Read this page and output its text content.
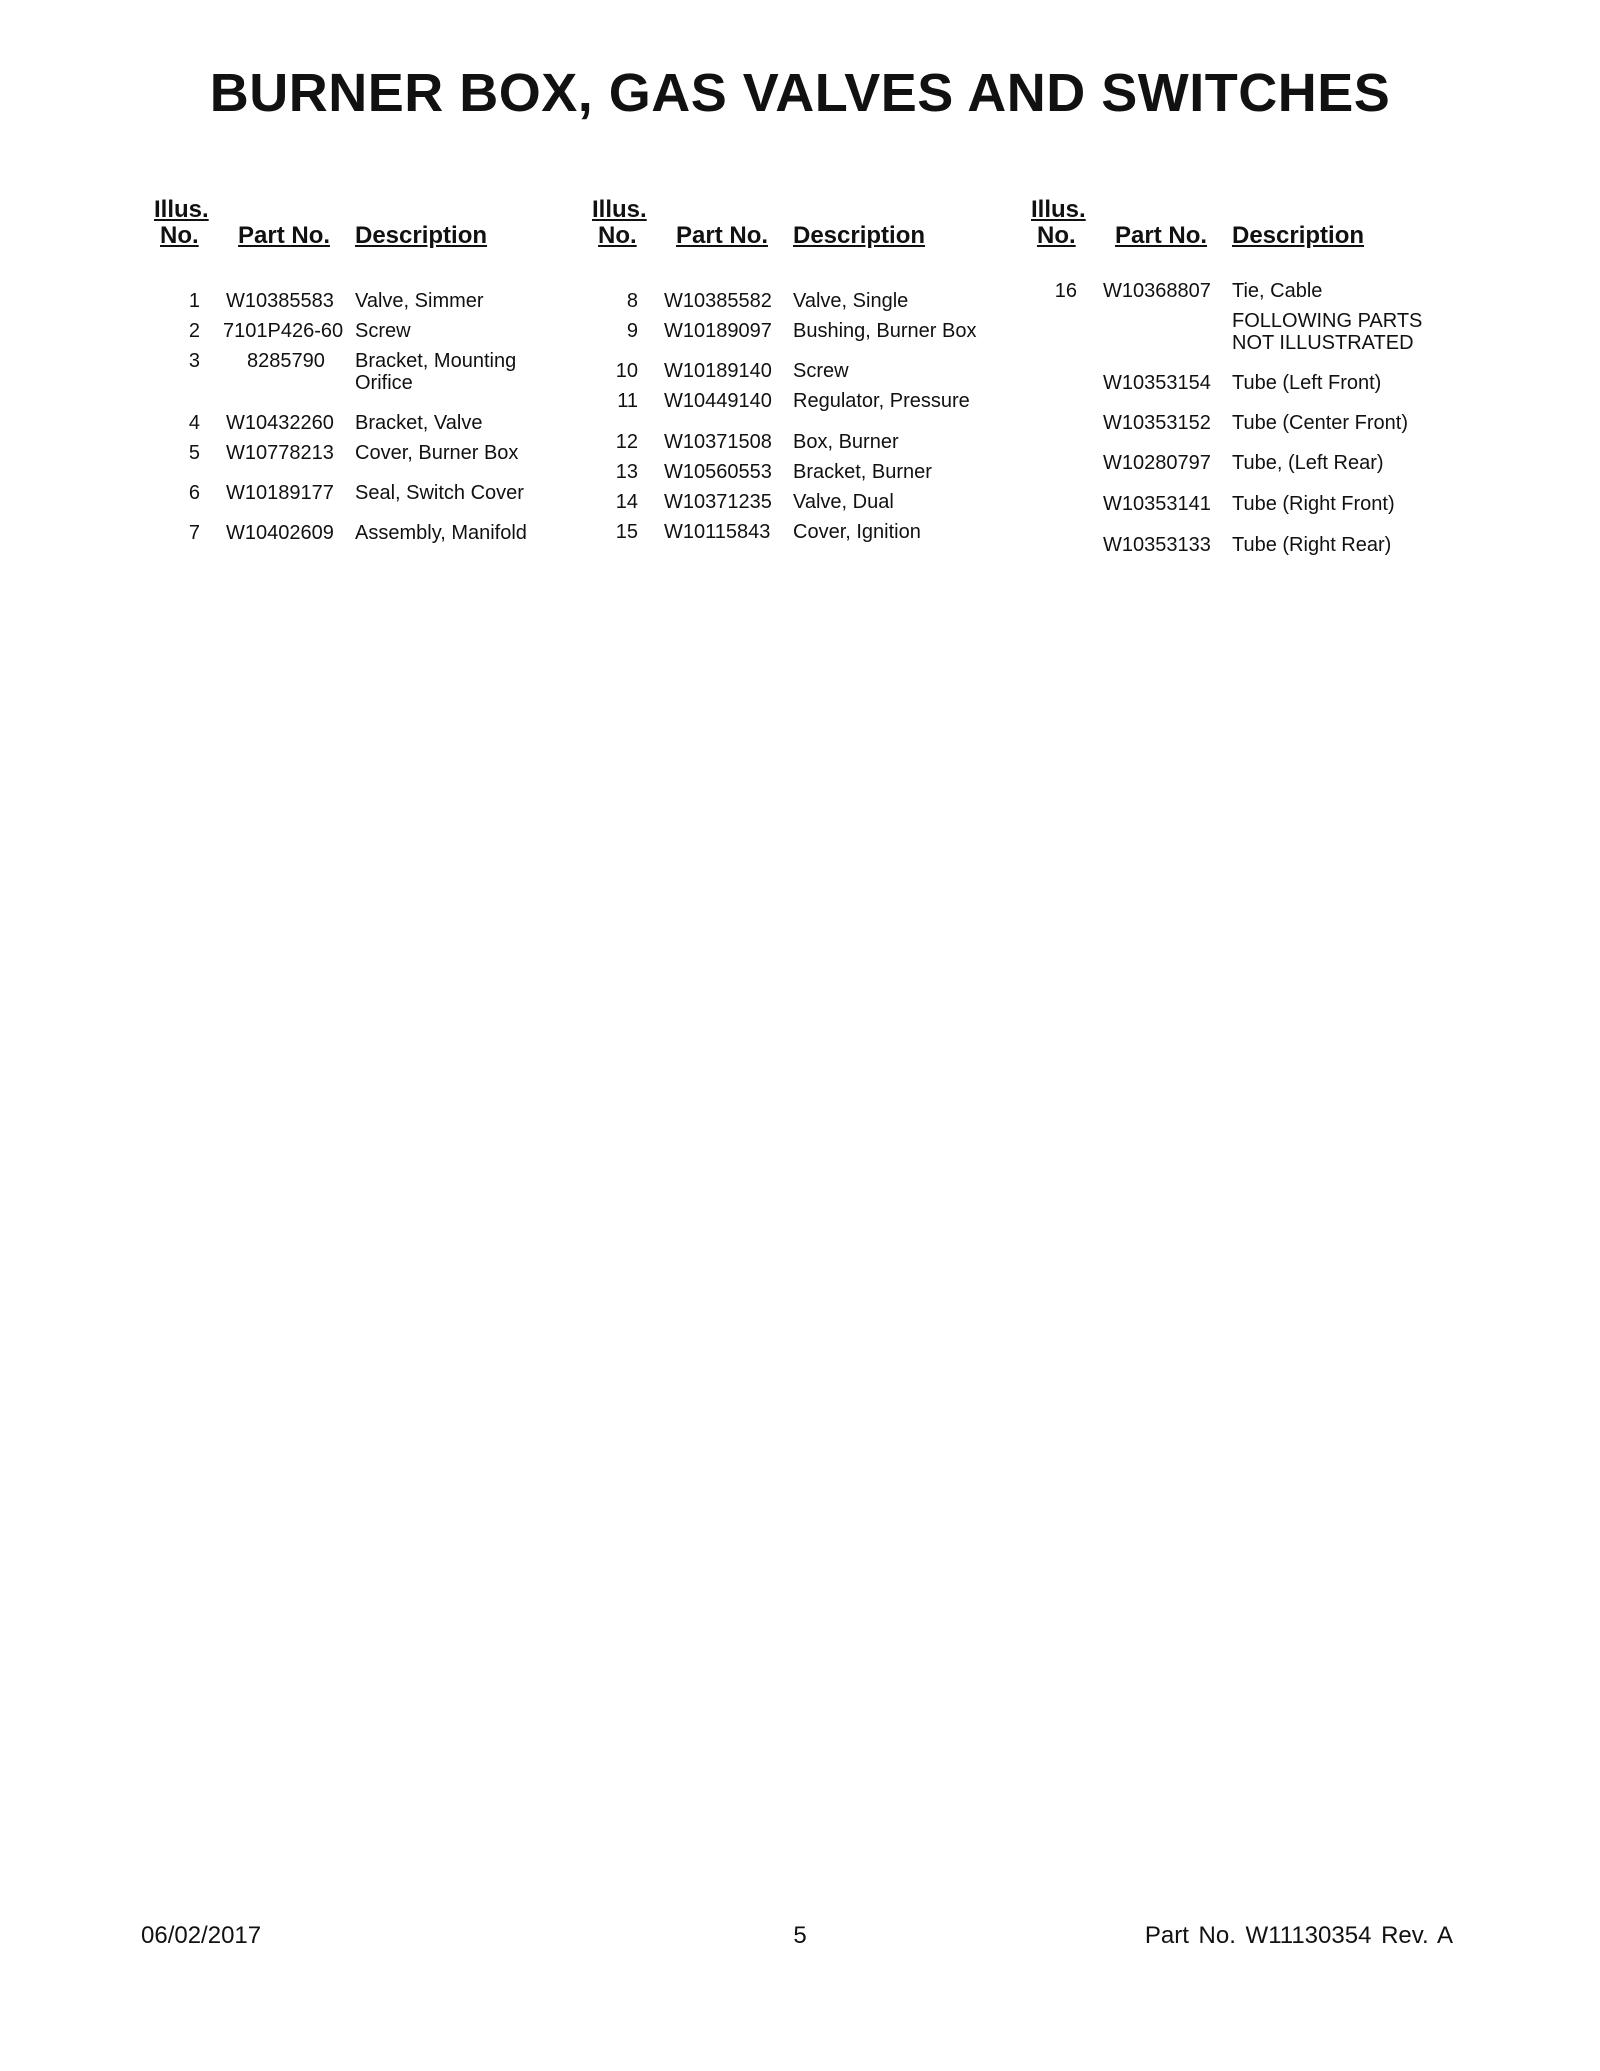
BURNER BOX, GAS VALVES AND SWITCHES
Illus.
No. Part No. Description
1 W10385583 Valve, Simmer
2 7101P426-60 Screw
3 8285790 Bracket, Mounting Orifice
4 W10432260 Bracket, Valve
5 W10778213 Cover, Burner Box
6 W10189177 Seal, Switch Cover
7 W10402609 Assembly, Manifold
Illus.
No. Part No. Description
8 W10385582 Valve, Single
9 W10189097 Bushing, Burner Box
10 W10189140 Screw
11 W10449140 Regulator, Pressure
12 W10371508 Box, Burner
13 W10560553 Bracket, Burner
14 W10371235 Valve, Dual
15 W10115843 Cover, Ignition
Illus.
No. Part No. Description
16 W10368807 Tie, Cable
FOLLOWING PARTS NOT ILLUSTRATED
W10353154 Tube (Left Front)
W10353152 Tube (Center Front)
W10280797 Tube, (Left Rear)
W10353141 Tube (Right Front)
W10353133 Tube (Right Rear)
06/02/2017	5	Part No. W11130354 Rev. A
